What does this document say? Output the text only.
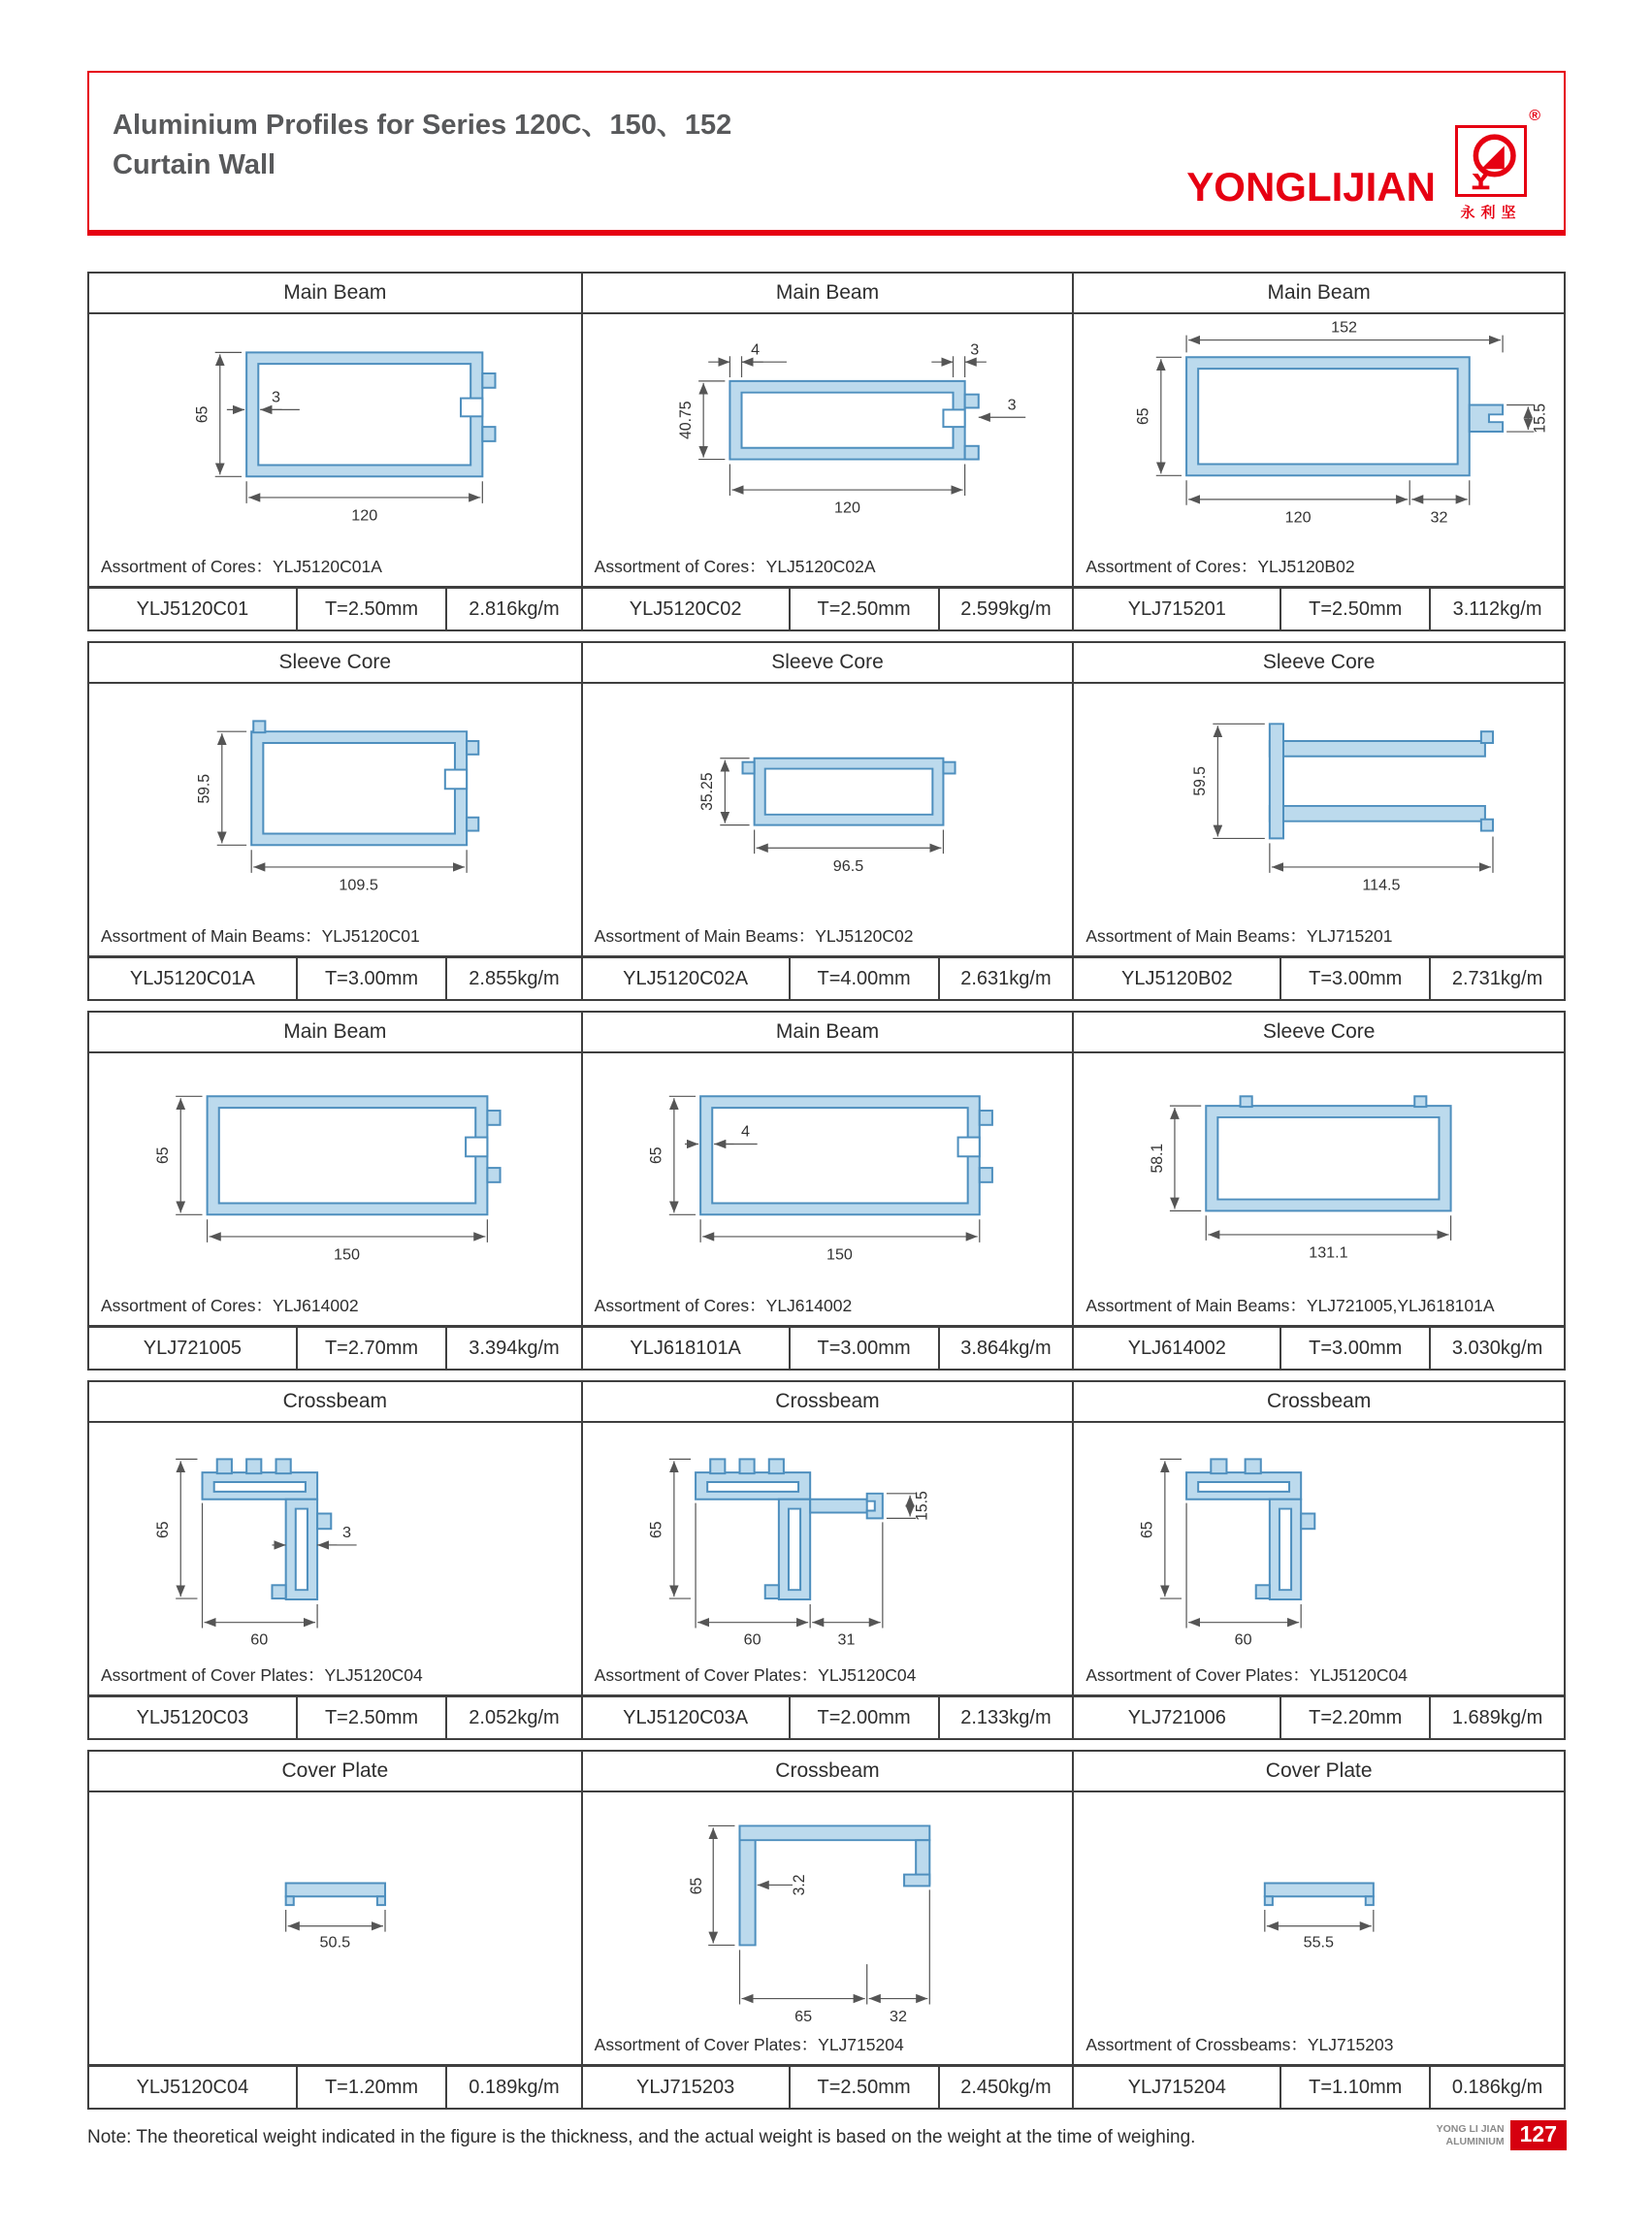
Aluminium Profiles for Series 120C、150、152
Curtain Wall	YONGLIJIAN
®
永利坚
Main Beam
65
3
120
Assortment of Cores：YLJ5120C01A
YLJ5120C01	T=2.50mm	2.816kg/m
Main Beam
4	3
40.75	3
120
Assortment of Cores：YLJ5120C02A
YLJ5120C02	T=2.50mm	2.599kg/m
Main Beam
152
65
120	32
15.5
Assortment of Cores：YLJ5120B02
YLJ715201	T=2.50mm	3.112kg/m
Sleeve Core
59.5
109.5
Assortment of Main Beams：YLJ5120C01
YLJ5120C01A	T=3.00mm	2.855kg/m
Sleeve Core
35.25
96.5
Assortment of Main Beams：YLJ5120C02
YLJ5120C02A	T=4.00mm	2.631kg/m
Sleeve Core
59.5
114.5
Assortment of Main Beams：YLJ715201
YLJ5120B02	T=3.00mm	2.731kg/m
Main Beam
65
150
Assortment of Cores：YLJ614002
YLJ721005	T=2.70mm	3.394kg/m
Main Beam
65
4
150
Assortment of Cores：YLJ614002
YLJ618101A	T=3.00mm	3.864kg/m
Sleeve Core
58.1
131.1
Assortment of Main Beams：YLJ721005,YLJ618101A
YLJ614002	T=3.00mm	3.030kg/m
Crossbeam
65	3
60
Assortment of Cover Plates：YLJ5120C04
YLJ5120C03	T=2.50mm	2.052kg/m
Crossbeam
65
60	31
15.5
Assortment of Cover Plates：YLJ5120C04
YLJ5120C03A	T=2.00mm	2.133kg/m
Crossbeam
65
60
Assortment of Cover Plates：YLJ5120C04
YLJ721006	T=2.20mm	1.689kg/m
Cover Plate
50.5
YLJ5120C04	T=1.20mm	0.189kg/m
Crossbeam
65	3.2
65	32
Assortment of Cover Plates：YLJ715204
YLJ715203	T=2.50mm	2.450kg/m
Cover Plate
55.5
Assortment of Crossbeams：YLJ715203
YLJ715204	T=1.10mm	0.186kg/m
Note: The theoretical weight indicated in the figure is the thickness, and the actual weight is based on the weight at the time of weighing.	YONG LI JIAN
ALUMINIUM 127
